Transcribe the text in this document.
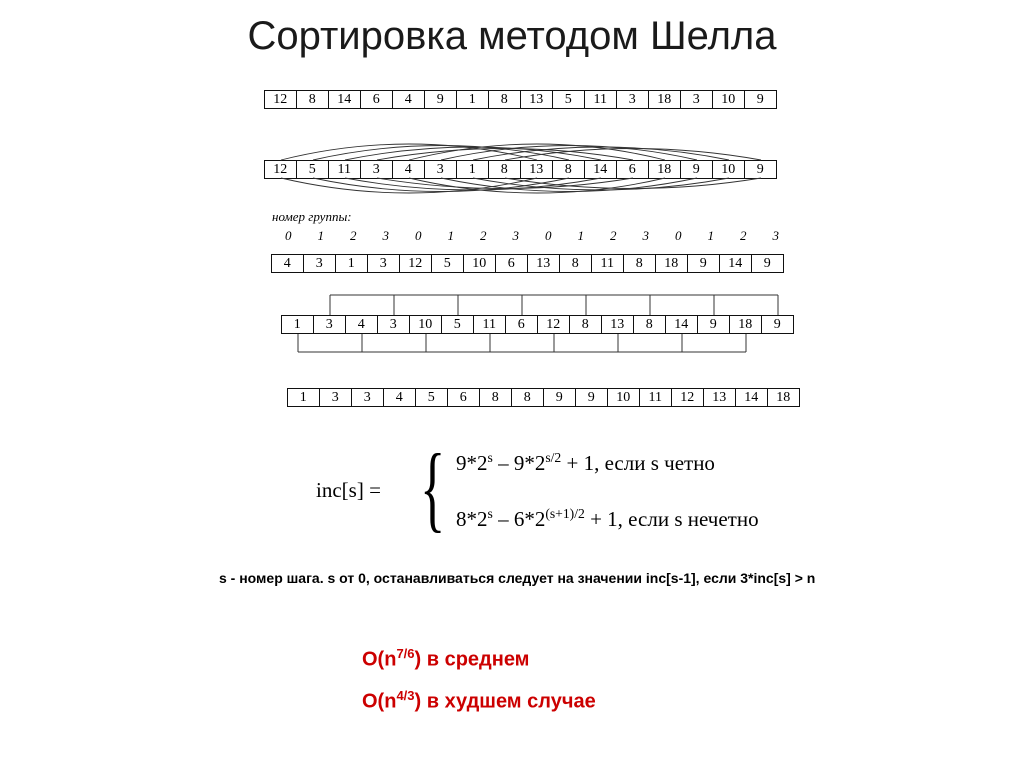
Сортировка методом Шелла
12	8	14	6	4	9	1	8	13	5	11	3	18	3	10	9
12	5	11	3	4	3	1	8	13	8	14	6	18	9	10	9
номер группы:
0	1	2	3	0	1	2	3	0	1	2	3	0	1	2	3
4	3	1	3	12	5	10	6	13	8	11	8	18	9	14	9
1	3	4	3	10	5	11	6	12	8	13	8	14	9	18	9
1	3	3	4	5	6	8	8	9	9	10	11	12	13	14	18
inc[s] = { $9*2^s - 9*2^{s/2} + 1$, если s четно
$8*2^s - 6*2^{(s+1)/2} + 1$, если s нечетно
s - номер шага. s от 0, останавливаться следует на значении inc[s-1], если 3*inc[s] > n
$O(n^{7/6})$ в среднем
$O(n^{4/3})$ в худшем случае
